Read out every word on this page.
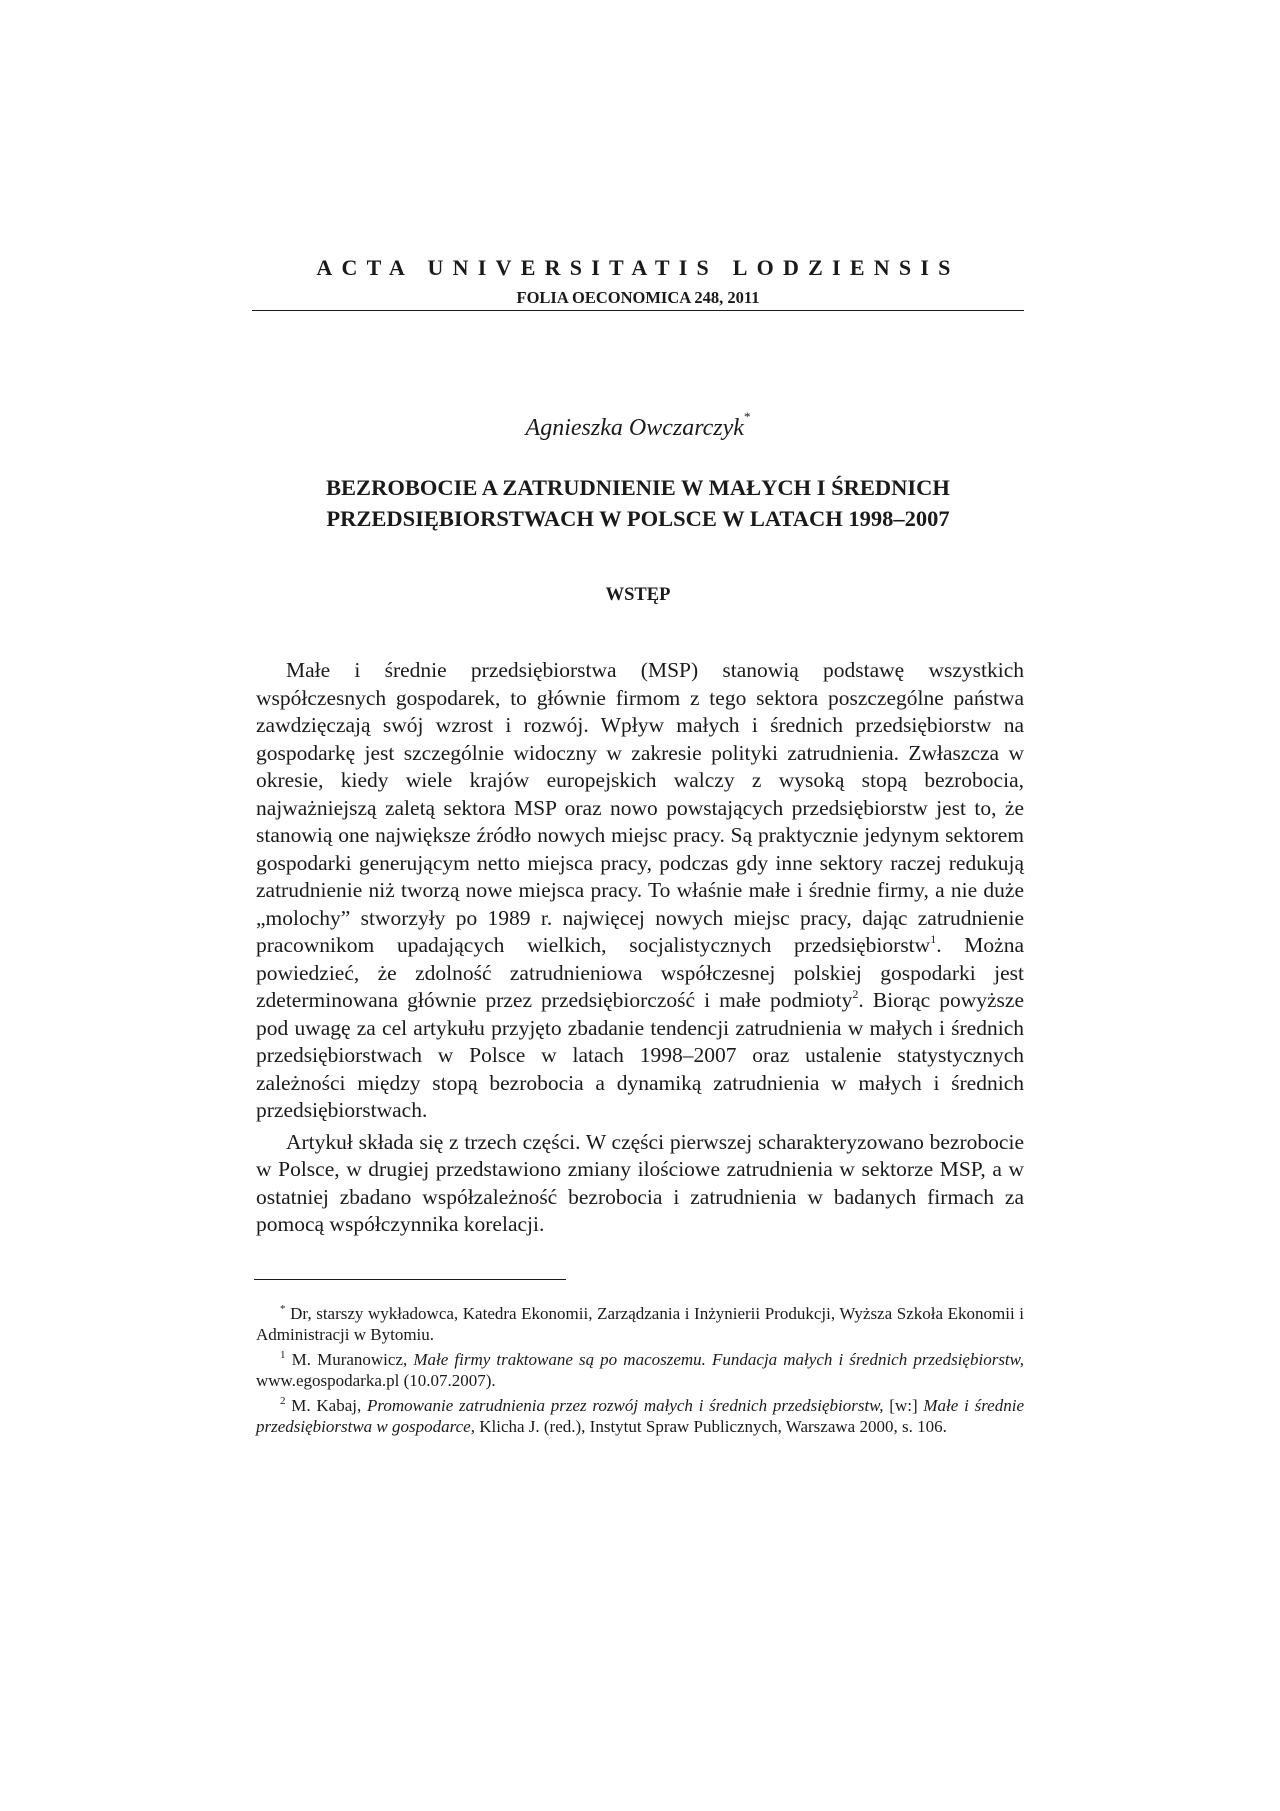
ACTA UNIVERSITATIS LODZIENSIS
FOLIA OECONOMICA 248, 2011
Agnieszka Owczarczyk*
BEZROBOCIE A ZATRUDNIENIE W MAŁYCH I ŚREDNICH
PRZEDSIĘBIORSTWACH W POLSCE W LATACH 1998–2007
WSTĘP

Małe i średnie przedsiębiorstwa (MSP) stanowią podstawę wszystkich współczesnych gospodarek, to głównie firmom z tego sektora poszczególne państwa zawdzięczają swój wzrost i rozwój. Wpływ małych i średnich przedsiębiorstw na gospodarkę jest szczególnie widoczny w zakresie polityki zatrudnienia. Zwłaszcza w okresie, kiedy wiele krajów europejskich walczy z wysoką stopą bezrobocia, najważniejszą zaletą sektora MSP oraz nowo powstających przedsiębiorstw jest to, że stanowią one największe źródło nowych miejsc pracy. Są praktycznie jedynym sektorem gospodarki generującym netto miejsca pracy, podczas gdy inne sektory raczej redukują zatrudnienie niż tworzą nowe miejsca pracy. To właśnie małe i średnie firmy, a nie duże „molochy” stworzyły po 1989 r. najwięcej nowych miejsc pracy, dając zatrudnienie pracownikom upadających wielkich, socjalistycznych przedsiębiorstw$^1$. Można powiedzieć, że zdolność zatrudnieniowa współczesnej polskiej gospodarki jest zdeterminowana głównie przez przedsiębiorczość i małe podmioty$^2$. Biorąc powyższe pod uwagę za cel artykułu przyjęto zbadanie tendencji zatrudnienia w małych i średnich przedsiębiorstwach w Polsce w latach 1998–2007 oraz ustalenie statystycznych zależności między stopą bezrobocia a dynamiką zatrudnienia w małych i średnich przedsiębiorstwach.

Artykuł składa się z trzech części. W części pierwszej scharakteryzowano bezrobocie w Polsce, w drugiej przedstawiono zmiany ilościowe zatrudnienia w sektorze MSP, a w ostatniej zbadano współzależność bezrobocia i zatrudnienia w badanych firmach za pomocą współczynnika korelacji.

* Dr, starszy wykładowca, Katedra Ekonomii, Zarządzania i Inżynierii Produkcji, Wyższa Szkoła Ekonomii i Administracji w Bytomiu.
$^1$ M. Muranowicz, Małe firmy traktowane są po macoszemu. Fundacja małych i średnich przedsiębiorstw, www.egospodarka.pl (10.07.2007).
$^2$ M. Kabaj, Promowanie zatrudnienia przez rozwój małych i średnich przedsiębiorstw, [w:] Małe i średnie przedsiębiorstwa w gospodarce, Klicha J. (red.), Instytut Spraw Publicznych, Warszawa 2000, s. 106.
